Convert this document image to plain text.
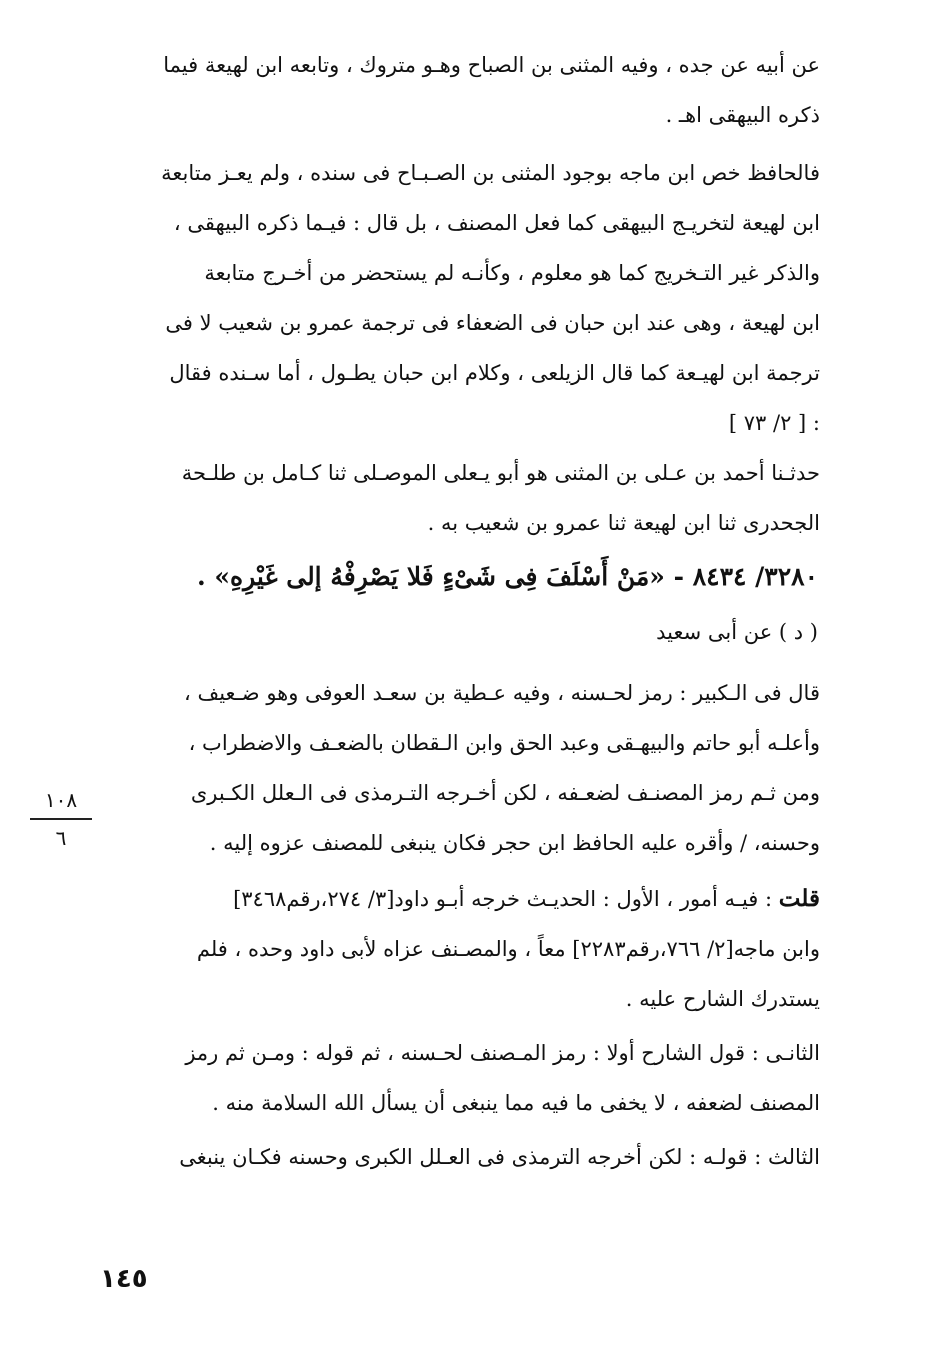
عن أبيه عن جده ، وفيه المثنى بن الصباح وهـو متروك ، وتابعه ابن لهيعة فيما
ذكره البيهقى اهـ .
فالحافظ خص ابن ماجه بوجود المثنى بن الصـبـاح فى سنده ، ولم يعـز متابعة
ابن لهيعة لتخريـج البيهقى كما فعل المصنف ، بل قال : فيـما ذكره البيهقى ،
والذكر غير التـخريج كما هو معلوم ، وكأنـه لم يستحضر من أخـرج متابعة
ابن لهيعة ، وهى عند ابن حبان فى الضعفاء فى ترجمة عمرو بن شعيب لا فى
ترجمة ابن لهيـعة كما قال الزيلعى ، وكلام ابن حبان يطـول ، أما سـنده فقال
: [ ٢/ ٧٣ ]
حدثـنا أحمد بن عـلى بن المثنى هو أبو يـعلى الموصـلى ثنا كـامل بن طلـحة
الجحدرى ثنا ابن لهيعة ثنا عمرو بن شعيب به .
٣٢٨٠/ ٨٤٣٤ - «مَنْ أَسْلَفَ فِى شَىْءٍ فَلا يَصْرِفْهُ إلى غَيْرِهِ» .
( د ) عن أبى سعيد
قال فى الـكبير : رمز لحـسنه ، وفيه عـطية بن سعـد العوفى وهو ضـعيف ،
وأعلـه أبو حاتم والبيهـقى وعبد الحق وابن الـقطان بالضعـف والاضطراب ،
ومن ثـم رمز المصنـف لضعـفه ، لكن أخـرجه التـرمذى فى الـعلل الكـبرى
وحسنه، / وأقره عليه الحافظ ابن حجر فكان ينبغى للمصنف عزوه إليه .
قلت : فيـه أمور ، الأول : الحديـث خرجه أبـو داود[٣/ ٢٧٤،رقم٣٤٦٨]
وابن ماجه[٢/ ٧٦٦،رقم٢٢٨٣] معاً ، والمصـنف عزاه لأبى داود وحده ، فلم
يستدرك الشارح عليه .
الثانـى : قول الشارح أولا : رمز المـصنف لحـسنه ، ثم قوله : ومـن ثم رمز
المصنف لضعفه ، لا يخفى ما فيه مما ينبغى أن يسأل الله السلامة منه .
الثالث : قولـه : لكن أخرجه الترمذى فى العـلل الكبرى وحسنه فكـان ينبغى
١٠٨
٦
١٤٥
